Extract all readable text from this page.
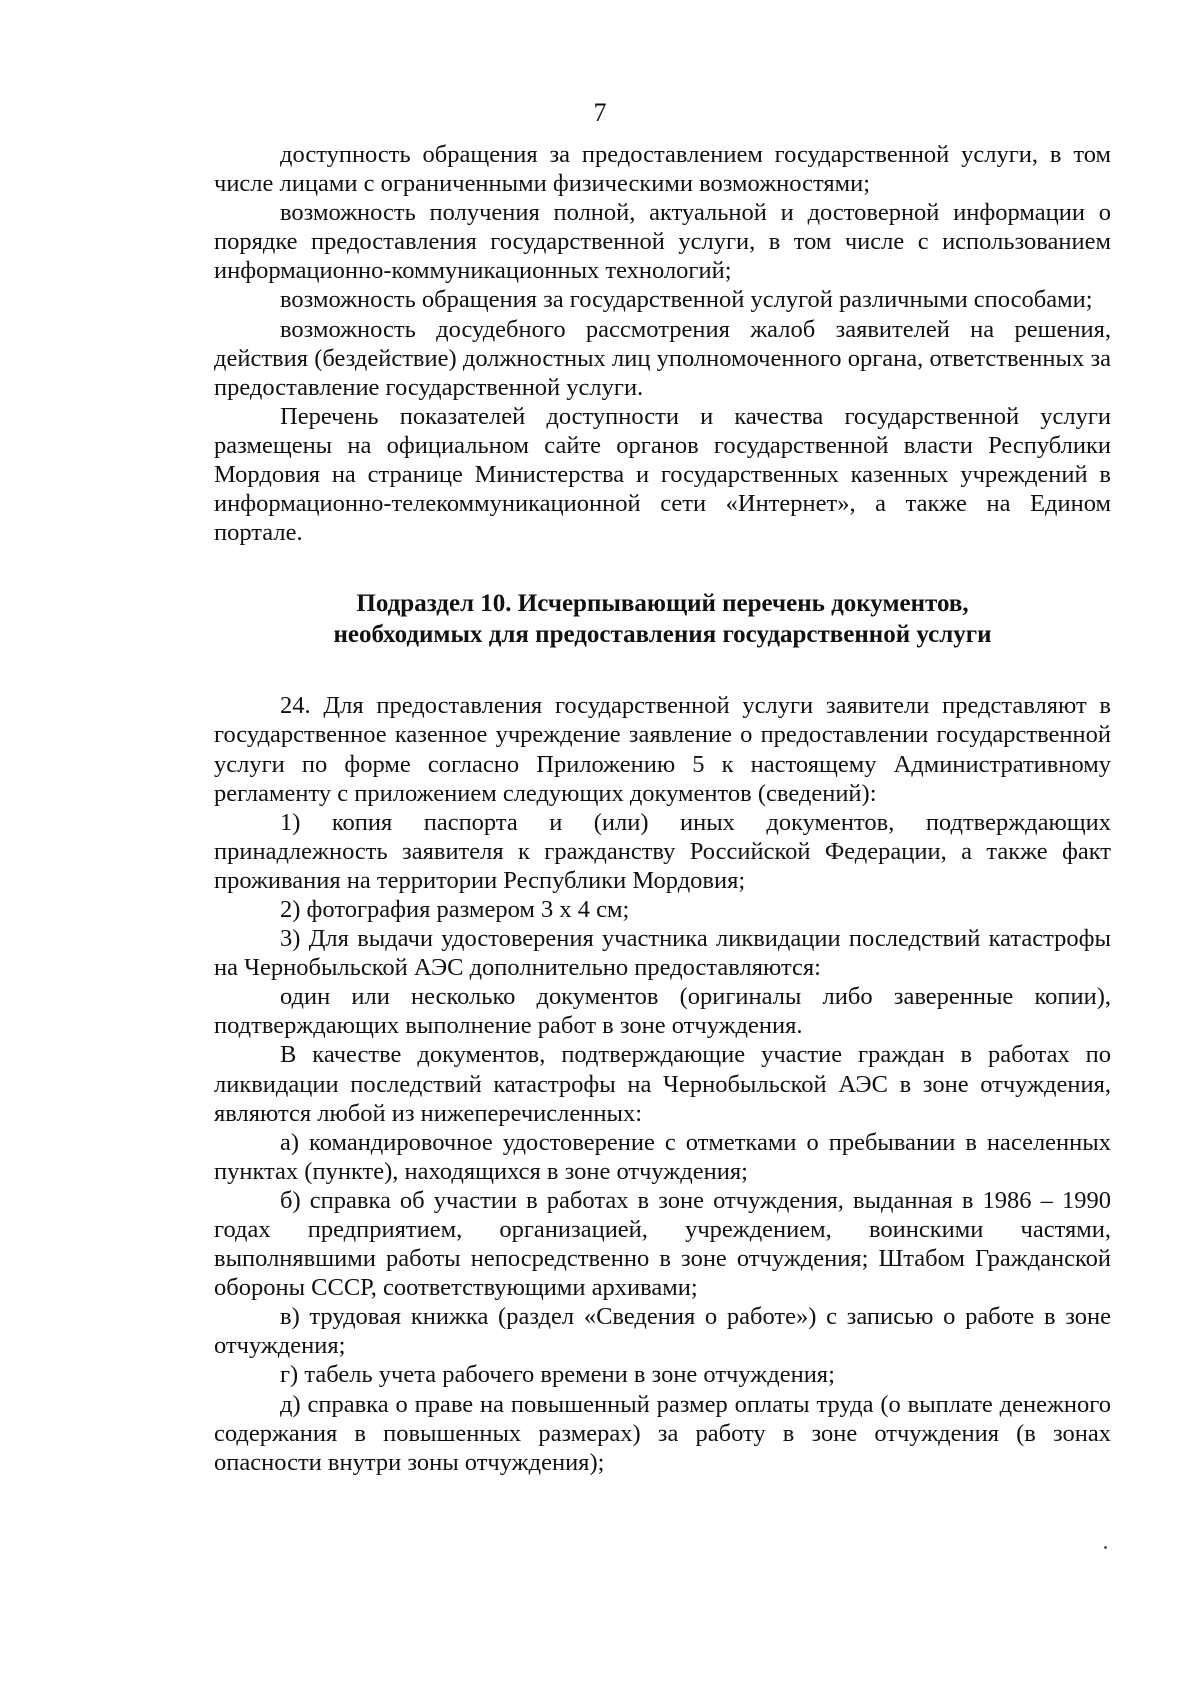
7

доступность обращения за предоставлением государственной услуги, в том числе лицами с ограниченными физическими возможностями;

возможность получения полной, актуальной и достоверной информации о порядке предоставления государственной услуги, в том числе с использованием информационно-коммуникационных технологий;

возможность обращения за государственной услугой различными способами;

возможность досудебного рассмотрения жалоб заявителей на решения, действия (бездействие) должностных лиц уполномоченного органа, ответственных за предоставление государственной услуги.

Перечень показателей доступности и качества государственной услуги размещены на официальном сайте органов государственной власти Республики Мордовия на странице Министерства и государственных казенных учреждений в информационно-телекоммуникационной сети «Интернет», а также на Едином портале.

Подраздел 10. Исчерпывающий перечень документов,
необходимых для предоставления государственной услуги

24. Для предоставления государственной услуги заявители представляют в государственное казенное учреждение заявление о предоставлении государственной услуги по форме согласно Приложению 5 к настоящему Административному регламенту с приложением следующих документов (сведений):

1) копия паспорта и (или) иных документов, подтверждающих принадлежность заявителя к гражданству Российской Федерации, а также факт проживания на территории Республики Мордовия;

2) фотография размером 3 х 4 см;

3) Для выдачи удостоверения участника ликвидации последствий катастрофы на Чернобыльской АЭС дополнительно предоставляются:

один или несколько документов (оригиналы либо заверенные копии), подтверждающих выполнение работ в зоне отчуждения.

В качестве документов, подтверждающие участие граждан в работах по ликвидации последствий катастрофы на Чернобыльской АЭС в зоне отчуждения, являются любой из нижеперечисленных:

а) командировочное удостоверение с отметками о пребывании в населенных пунктах (пункте), находящихся в зоне отчуждения;

б) справка об участии в работах в зоне отчуждения, выданная в 1986 – 1990 годах предприятием, организацией, учреждением, воинскими частями, выполнявшими работы непосредственно в зоне отчуждения; Штабом Гражданской обороны СССР, соответствующими архивами;

в) трудовая книжка (раздел «Сведения о работе») с записью о работе в зоне отчуждения;

г) табель учета рабочего времени в зоне отчуждения;

д) справка о праве на повышенный размер оплаты труда (о выплате денежного содержания в повышенных размерах) за работу в зоне отчуждения (в зонах опасности внутри зоны отчуждения);
